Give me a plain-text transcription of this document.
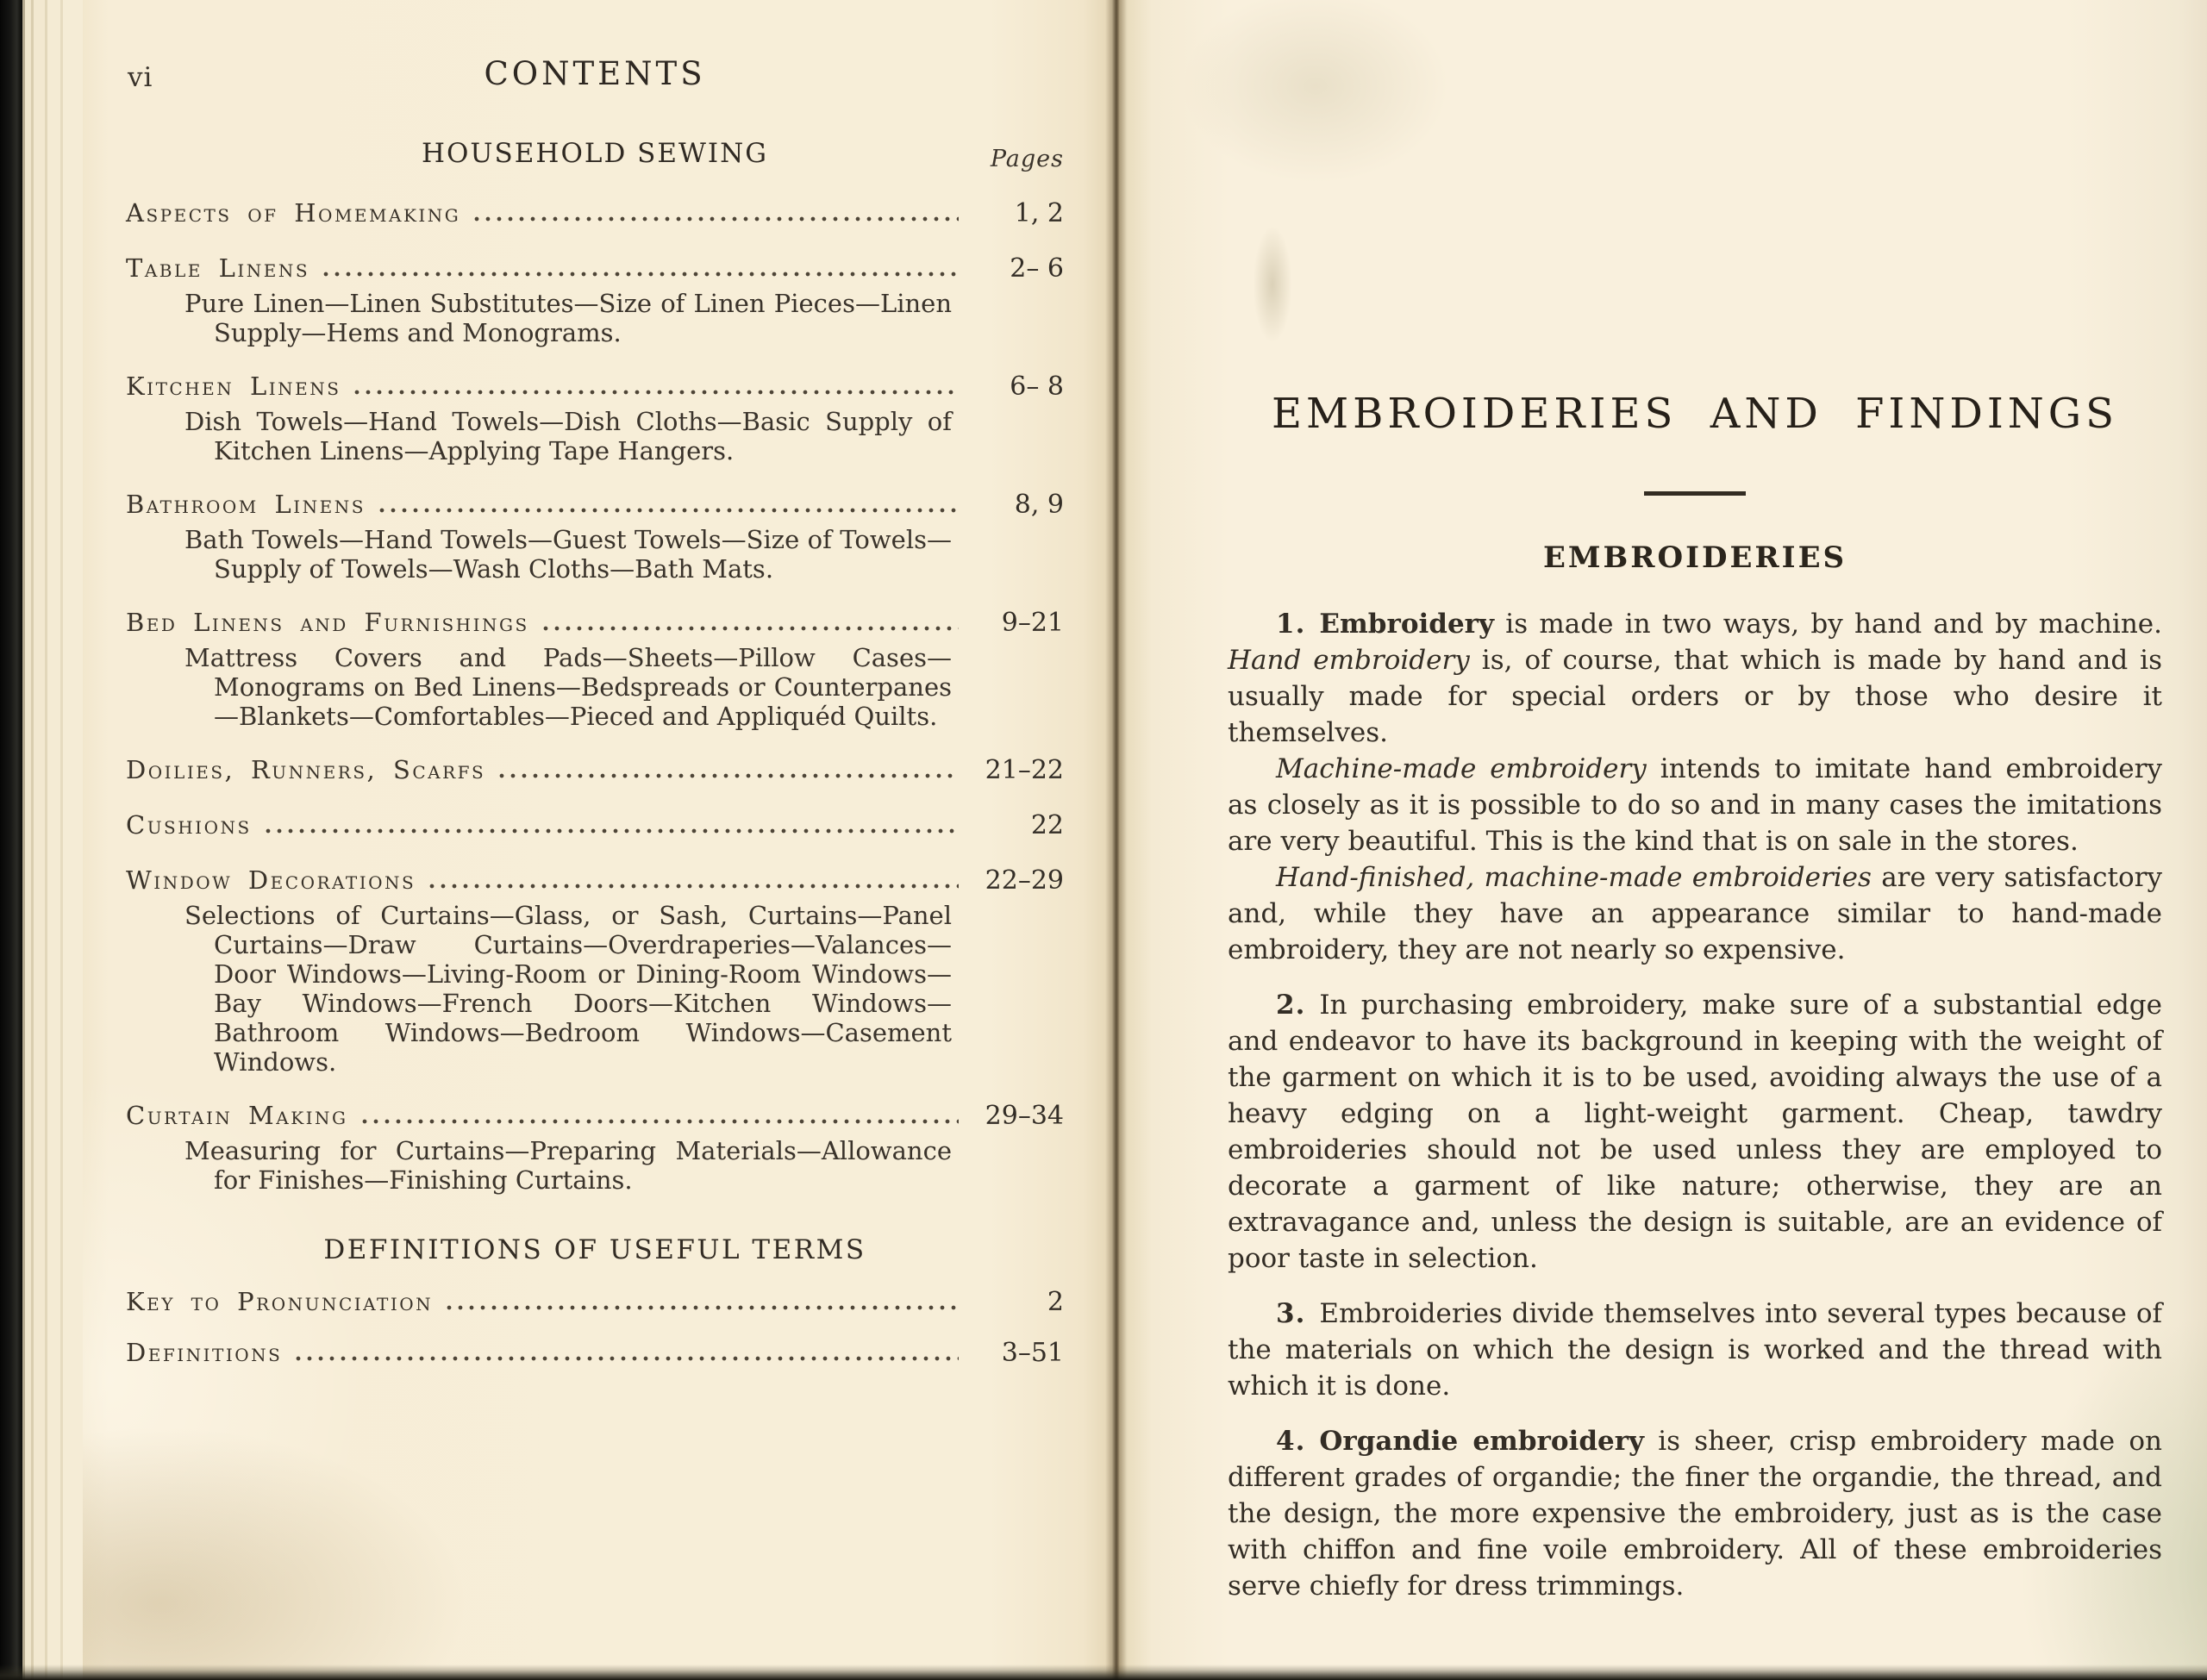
vi	CONTENTS
HOUSEHOLD SEWING	Pages
Aspects of Homemaking	1, 2
Table Linens	2– 6
Pure Linen—Linen Substitutes—Size of Linen Pieces—Linen Supply—Hems and Monograms.
Kitchen Linens	6– 8
Dish Towels—Hand Towels—Dish Cloths—Basic Supply of Kitchen Linens—Applying Tape Hangers.
Bathroom Linens	8, 9
Bath Towels—Hand Towels—Guest Towels—Size of Towels—Supply of Towels—Wash Cloths—Bath Mats.
Bed Linens and Furnishings	9–21
Mattress Covers and Pads—Sheets—Pillow Cases—Monograms on Bed Linens—Bedspreads or Counterpanes—Blankets—Comfortables—Pieced and Appliquéd Quilts.
Doilies, Runners, Scarfs	21–22
Cushions	22
Window Decorations	22–29
Selections of Curtains—Glass, or Sash, Curtains—Panel Curtains—Draw Curtains—Overdraperies—Valances—Door Windows—Living-Room or Dining-Room Windows—Bay Windows—French Doors—Kitchen Windows—Bathroom Windows—Bedroom Windows—Casement Windows.
Curtain Making	29–34
Measuring for Curtains—Preparing Materials—Allowance for Finishes—Finishing Curtains.
DEFINITIONS OF USEFUL TERMS
Key to Pronunciation	2
Definitions	3–51
EMBROIDERIES AND FINDINGS
EMBROIDERIES

1. Embroidery is made in two ways, by hand and by machine. Hand embroidery is, of course, that which is made by hand and is usually made for special orders or by those who desire it themselves.

Machine-made embroidery intends to imitate hand embroidery as closely as it is possible to do so and in many cases the imitations are very beautiful. This is the kind that is on sale in the stores.

Hand-finished, machine-made embroideries are very satisfactory and, while they have an appearance similar to hand-made embroidery, they are not nearly so expensive.

2. In purchasing embroidery, make sure of a substantial edge and endeavor to have its background in keeping with the weight of the garment on which it is to be used, avoiding always the use of a heavy edging on a light-weight garment. Cheap, tawdry embroideries should not be used unless they are employed to decorate a garment of like nature; otherwise, they are an extravagance and, unless the design is suitable, are an evidence of poor taste in selection.

3. Embroideries divide themselves into several types because of the materials on which the design is worked and the thread with which it is done.

4. Organdie embroidery is sheer, crisp embroidery made on different grades of organdie; the finer the organdie, the thread, and the design, the more expensive the embroidery, just as is the case with chiffon and fine voile embroidery. All of these embroideries serve chiefly for dress trimmings.
